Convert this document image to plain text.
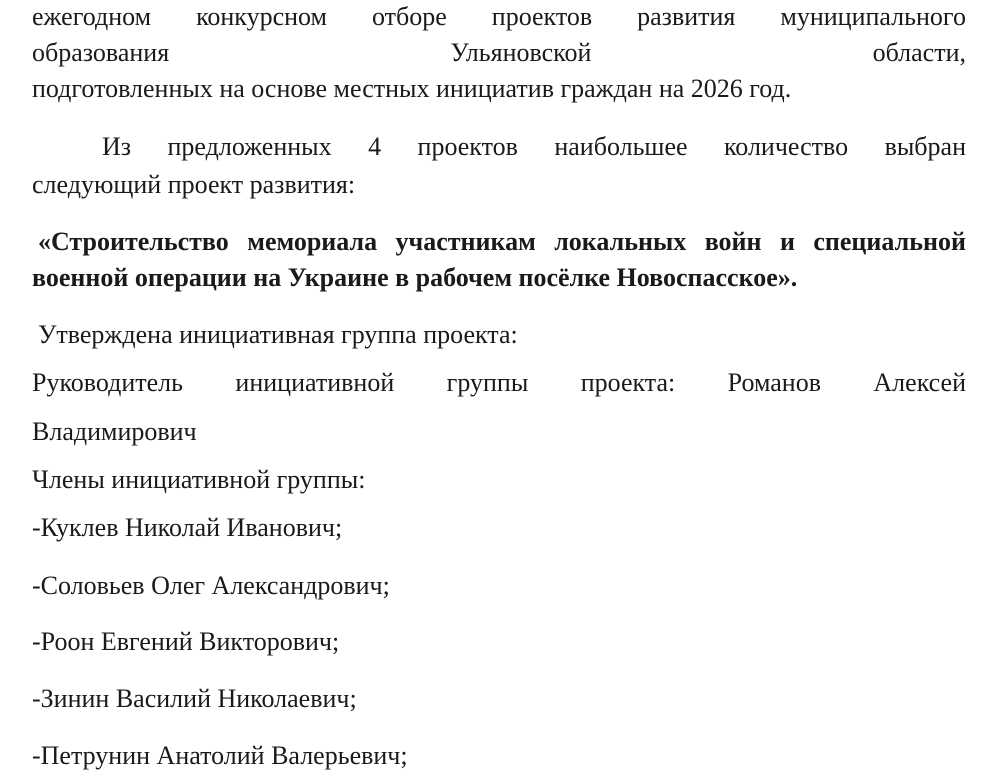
ежегодном конкурсном отборе проектов развития муниципального
образования	Ульяновской	области,
подготовленных на основе местных инициатив граждан на 2026 год.
Из предложенных 4 проектов наибольшее количество выбран
следующий проект развития:
«Строительство мемориала участникам локальных войн и специальной
военной операции на Украине в рабочем посёлке Новоспасское».
Утверждена инициативная группа проекта:
Руководитель инициативной группы проекта: Романов Алексей
Владимирович
Члены инициативной группы:
-Куклев Николай Иванович;
-Соловьев Олег Александрович;
-Роон Евгений Викторович;
-Зинин Василий Николаевич;
-Петрунин Анатолий Валерьевич;
